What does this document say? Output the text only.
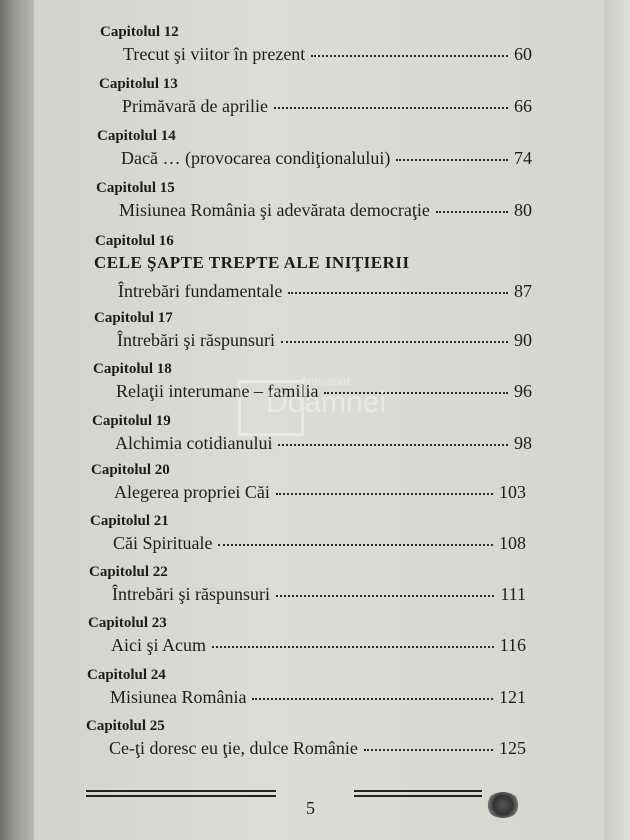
Capitolul 12
Trecut şi viitor în prezent	60
Capitolul 13
Primăvară de aprilie	66
Capitolul 14
Dacă … (provocarea condiţionalului)	74
Capitolul 15
Misiunea România şi adevărata democraţie	80
Capitolul 16
CELE ŞAPTE TREPTE ALE INIŢIERII
Întrebări fundamentale	87
Capitolul 17
Întrebări şi răspunsuri	90
Capitolul 18
Relaţii interumane – familia	96
Capitolul 19
Alchimia cotidianului	98
Capitolul 20
Alegerea propriei Căi	103
Capitolul 21
Căi Spirituale	108
Capitolul 22
Întrebări şi răspunsuri	111
Capitolul 23
Aici şi Acum	116
Capitolul 24
Misiunea România	121
Capitolul 25
Ce-ţi doresc eu ţie, dulce Românie	125
Anticariat
Doamnei
5
